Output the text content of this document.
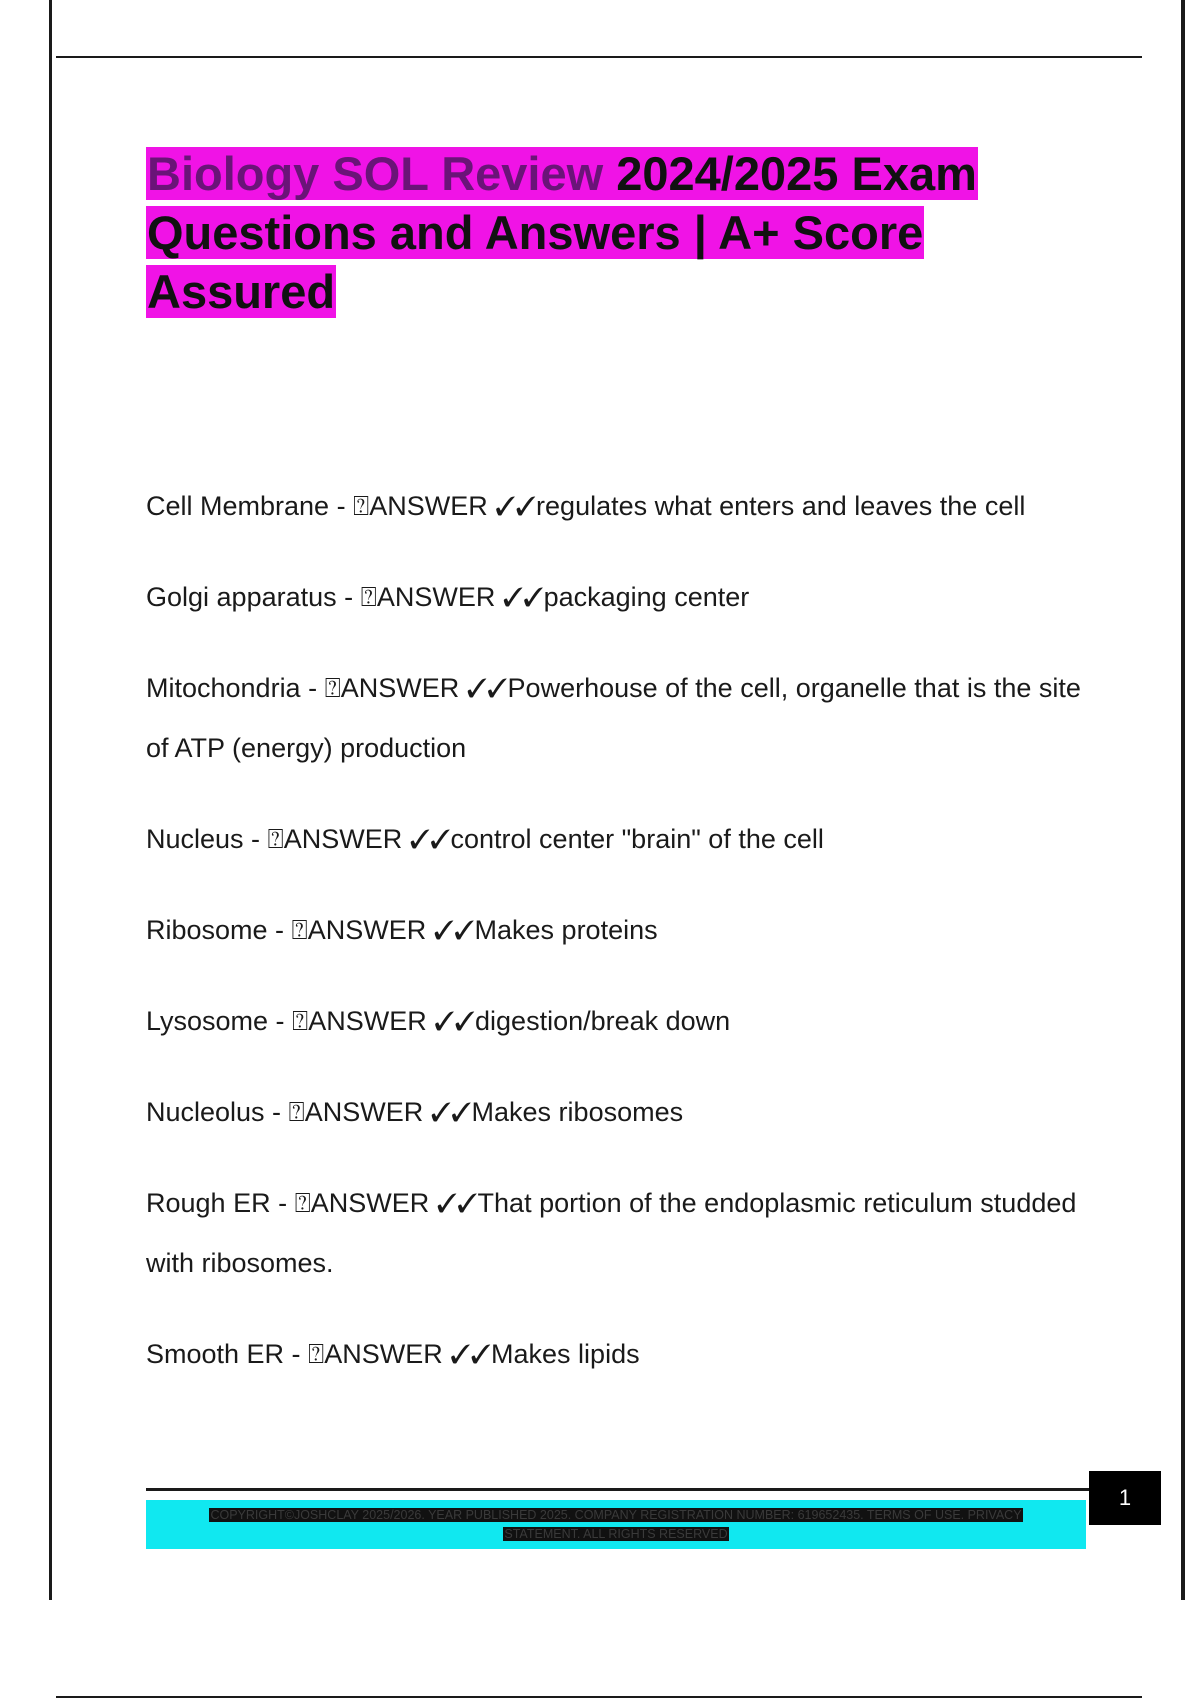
Biology SOL Review 2024/2025 Exam Questions and Answers | A+ Score Assured
Cell Membrane - ⍰ANSWER ✓✓regulates what enters and leaves the cell
Golgi apparatus - ⍰ANSWER ✓✓packaging center
Mitochondria - ⍰ANSWER ✓✓Powerhouse of the cell, organelle that is the site of ATP (energy) production
Nucleus - ⍰ANSWER ✓✓control center "brain" of the cell
Ribosome - ⍰ANSWER ✓✓Makes proteins
Lysosome - ⍰ANSWER ✓✓digestion/break down
Nucleolus - ⍰ANSWER ✓✓Makes ribosomes
Rough ER - ⍰ANSWER ✓✓That portion of the endoplasmic reticulum studded with ribosomes.
Smooth ER - ⍰ANSWER ✓✓Makes lipids
1
COPYRIGHT©JOSHCLAY 2025/2026. YEAR PUBLISHED 2025. COMPANY REGISTRATION NUMBER: 619652435. TERMS OF USE. PRIVACY STATEMENT. ALL RIGHTS RESERVED
